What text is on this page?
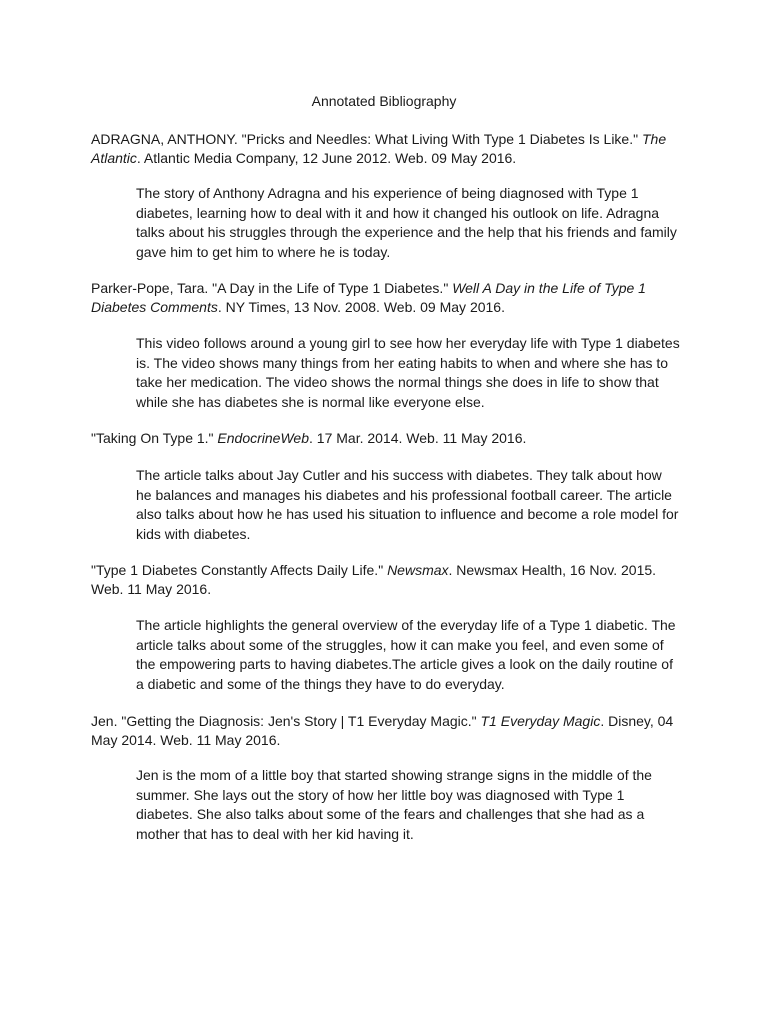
Annotated Bibliography
ADRAGNA, ANTHONY. "Pricks and Needles: What Living With Type 1 Diabetes Is Like." The Atlantic. Atlantic Media Company, 12 June 2012. Web. 09 May 2016.
The story of Anthony Adragna and his experience of being diagnosed with Type 1 diabetes, learning how to deal with it and how it changed his outlook on life. Adragna talks about his struggles through the experience and the help that his friends and family gave him to get him to where he is today.
Parker-Pope, Tara. "A Day in the Life of Type 1 Diabetes." Well A Day in the Life of Type 1 Diabetes Comments. NY Times, 13 Nov. 2008. Web. 09 May 2016.
This video follows around a young girl to see how her everyday life with Type 1 diabetes is. The video shows many things from her eating habits to when and where she has to take her medication. The video shows the normal things she does in life to show that while she has diabetes she is normal like everyone else.
"Taking On Type 1." EndocrineWeb. 17 Mar. 2014. Web. 11 May 2016.
The article talks about Jay Cutler and his success with diabetes. They talk about how he balances and manages his diabetes and his professional football career. The article also talks about how he has used his situation to influence and become a role model for kids with diabetes.
"Type 1 Diabetes Constantly Affects Daily Life." Newsmax. Newsmax Health, 16 Nov. 2015. Web. 11 May 2016.
The article highlights the general overview of the everyday life of a Type 1 diabetic. The article talks about some of the struggles, how it can make you feel, and even some of the empowering parts to having diabetes.The article gives a look on the daily routine of a diabetic and some of the things they have to do everyday.
Jen. "Getting the Diagnosis: Jen's Story | T1 Everyday Magic." T1 Everyday Magic. Disney, 04 May 2014. Web. 11 May 2016.
Jen is the mom of a little boy that started showing strange signs in the middle of the summer. She lays out the story of how her little boy was diagnosed with Type 1 diabetes. She also talks about some of the fears and challenges that she had as a mother that has to deal with her kid having it.
